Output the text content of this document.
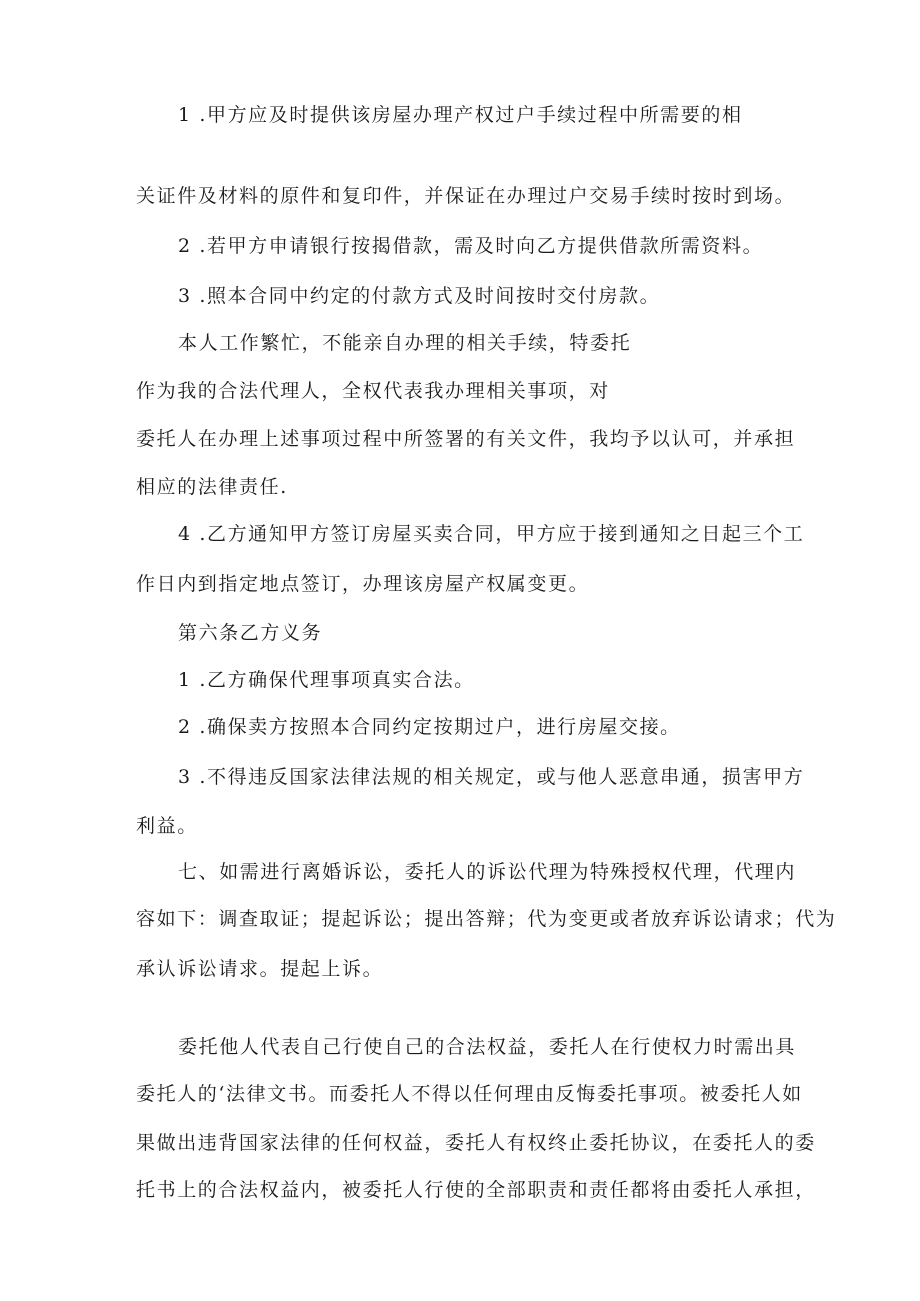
1 .甲方应及时提供该房屋办理产权过户手续过程中所需要的相
关证件及材料的原件和复印件，并保证在办理过户交易手续时按时到场。
2 .若甲方申请银行按揭借款，需及时向乙方提供借款所需资料。
3 .照本合同中约定的付款方式及时间按时交付房款。
本人工作繁忙，不能亲自办理的相关手续，特委托
作为我的合法代理人，全权代表我办理相关事项，对
委托人在办理上述事项过程中所签署的有关文件，我均予以认可，并承担
相应的法律责任.
4 .乙方通知甲方签订房屋买卖合同，甲方应于接到通知之日起三个工
作日内到指定地点签订，办理该房屋产权属变更。
第六条乙方义务
1 .乙方确保代理事项真实合法。
2 .确保卖方按照本合同约定按期过户，进行房屋交接。
3 .不得违反国家法律法规的相关规定，或与他人恶意串通，损害甲方
利益。
七、如需进行离婚诉讼，委托人的诉讼代理为特殊授权代理，代理内
容如下：调查取证；提起诉讼；提出答辩；代为变更或者放弃诉讼请求；代为
承认诉讼请求。提起上诉。
委托他人代表自己行使自己的合法权益，委托人在行使权力时需出具
委托人的‘法律文书。而委托人不得以任何理由反悔委托事项。被委托人如
果做出违背国家法律的任何权益，委托人有权终止委托协议，在委托人的委
托书上的合法权益内，被委托人行使的全部职责和责任都将由委托人承担，
